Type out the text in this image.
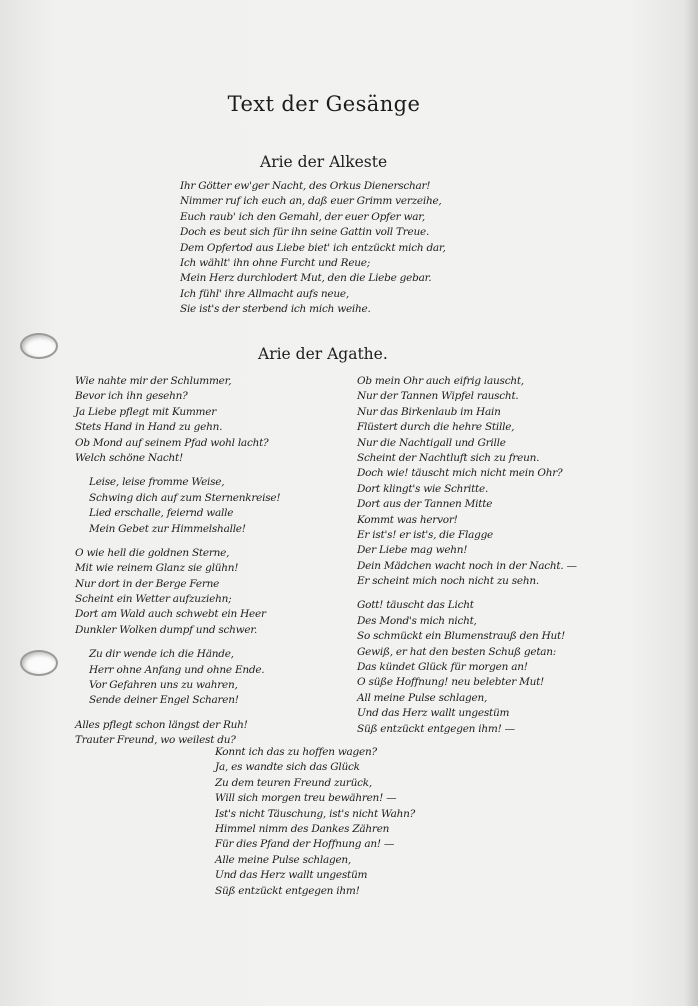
Text der Gesänge
Arie der Alkeste
Ihr Götter ew'ger Nacht, des Orkus Dienerschar!
Nimmer ruf ich euch an, daß euer Grimm verzeihe,
Euch raub' ich den Gemahl, der euer Opfer war,
Doch es beut sich für ihn seine Gattin voll Treue.
Dem Opfertod aus Liebe biet' ich entzückt mich dar,
Ich wählt' ihn ohne Furcht und Reue;
Mein Herz durchlodert Mut, den die Liebe gebar.
Ich fühl' ihre Allmacht aufs neue,
Sie ist's der sterbend ich mich weihe.
Arie der Agathe.
Wie nahte mir der Schlummer,
Bevor ich ihn gesehn?
Ja Liebe pflegt mit Kummer
Stets Hand in Hand zu gehn.
Ob Mond auf seinem Pfad wohl lacht?
Welch schöne Nacht!
Leise, leise fromme Weise,
Schwing dich auf zum Sternenkreise!
Lied erschalle, feiernd walle
Mein Gebet zur Himmelshalle!
O wie hell die goldnen Sterne,
Mit wie reinem Glanz sie glühn!
Nur dort in der Berge Ferne
Scheint ein Wetter aufzuziehn;
Dort am Wald auch schwebt ein Heer
Dunkler Wolken dumpf und schwer.
Zu dir wende ich die Hände,
Herr ohne Anfang und ohne Ende.
Vor Gefahren uns zu wahren,
Sende deiner Engel Scharen!
Alles pflegt schon längst der Ruh!
Trauter Freund, wo weilest du?
Ob mein Ohr auch eifrig lauscht,
Nur der Tannen Wipfel rauscht.
Nur das Birkenlaub im Hain
Flüstert durch die hehre Stille,
Nur die Nachtigall und Grille
Scheint der Nachtluft sich zu freun.
Doch wie! täuscht mich nicht mein Ohr?
Dort klingt's wie Schritte.
Dort aus der Tannen Mitte
Kommt was hervor!
Er ist's! er ist's, die Flagge
Der Liebe mag wehn!
Dein Mädchen wacht noch in der Nacht. —
Er scheint mich noch nicht zu sehn.
Gott! täuscht das Licht
Des Mond's mich nicht,
So schmückt ein Blumenstrauß den Hut!
Gewiß, er hat den besten Schuß getan:
Das kündet Glück für morgen an!
O süße Hoffnung! neu belebter Mut!
All meine Pulse schlagen,
Und das Herz wallt ungestüm
Süß entzückt entgegen ihm! —
Konnt ich das zu hoffen wagen?
Ja, es wandte sich das Glück
Zu dem teuren Freund zurück,
Will sich morgen treu bewähren! —
Ist's nicht Täuschung, ist's nicht Wahn?
Himmel nimm des Dankes Zähren
Für dies Pfand der Hoffnung an! —
Alle meine Pulse schlagen,
Und das Herz wallt ungestüm
Süß entzückt entgegen ihm!
